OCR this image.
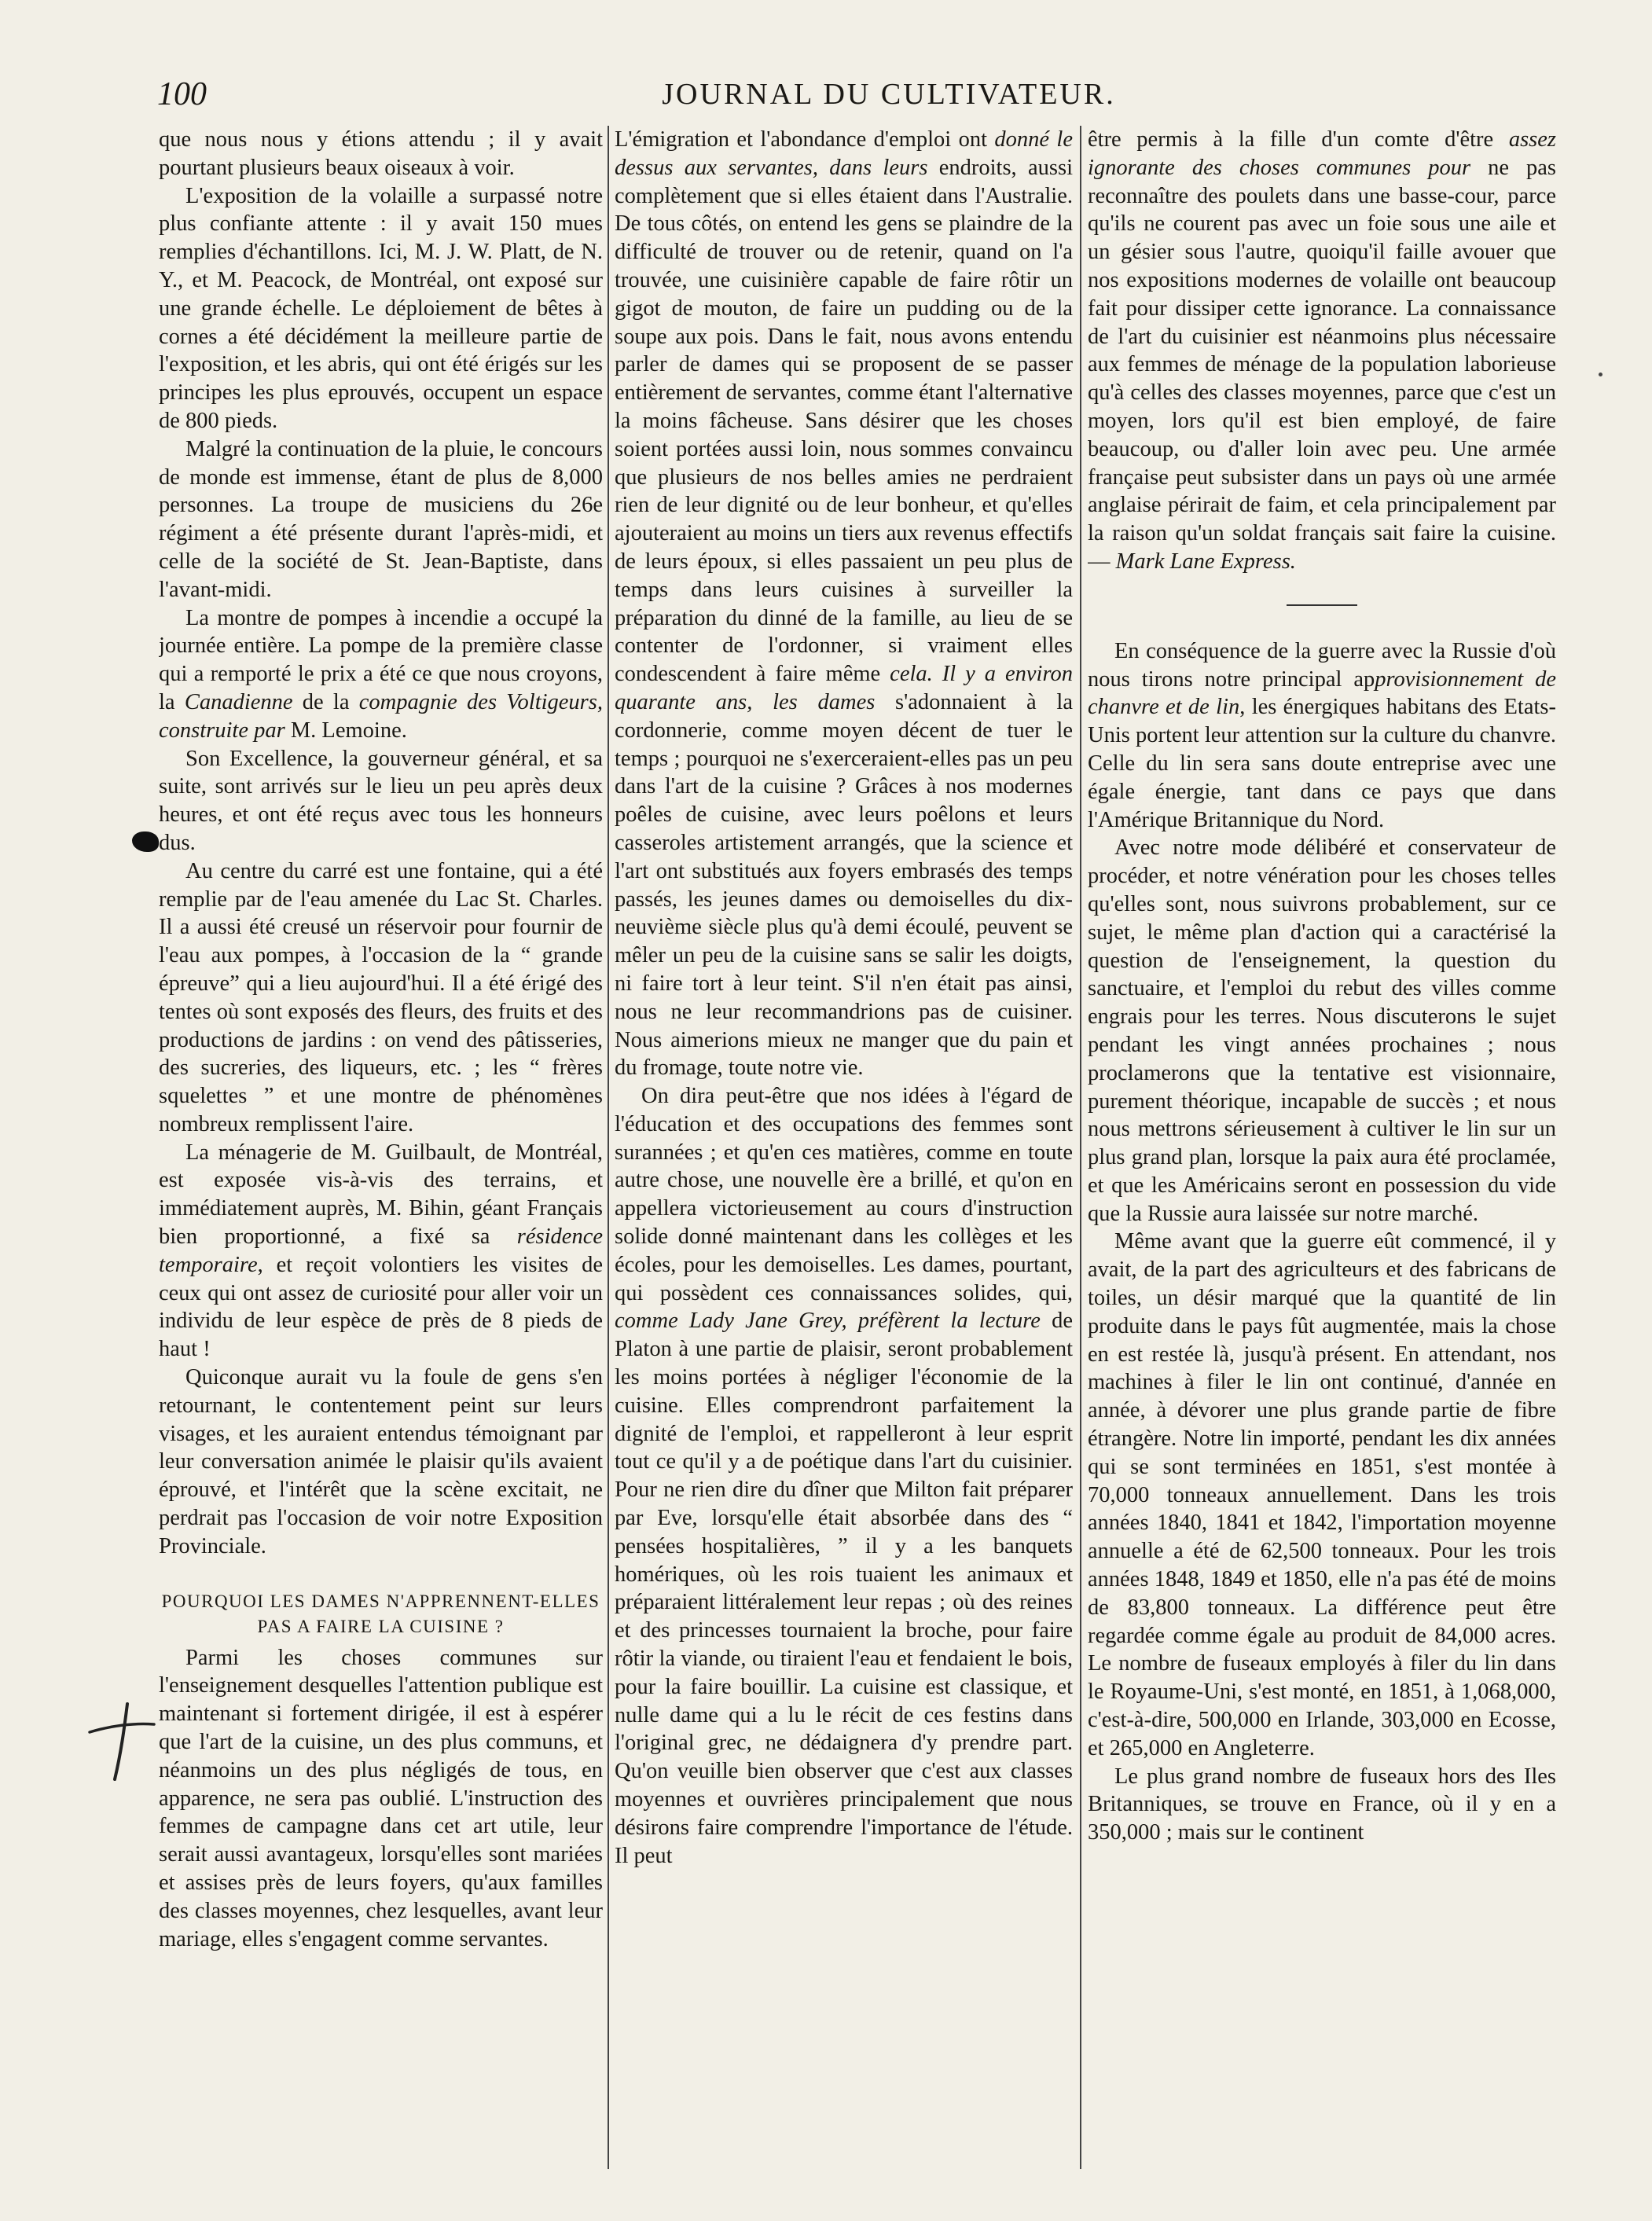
100	JOURNAL DU CULTIVATEUR.

que nous nous y étions attendu ; il y avait pourtant plusieurs beaux oiseaux à voir.

L'exposition de la volaille a surpassé notre plus confiante attente : il y avait 150 mues remplies d'échantillons. Ici, M. J. W. Platt, de N. Y., et M. Peacock, de Montréal, ont exposé sur une grande échelle. Le déploiement de bêtes à cornes a été décidément la meilleure partie de l'exposition, et les abris, qui ont été érigés sur les principes les plus eprouvés, occupent un espace de 800 pieds.

Malgré la continuation de la pluie, le concours de monde est immense, étant de plus de 8,000 personnes. La troupe de musiciens du 26e régiment a été présente durant l'après-midi, et celle de la société de St. Jean-Baptiste, dans l'avant-midi.

La montre de pompes à incendie a occupé la journée entière. La pompe de la première classe qui a remporté le prix a été ce que nous croyons, la Canadienne de la compagnie des Voltigeurs, construite par M. Lemoine.

Son Excellence, la gouverneur général, et sa suite, sont arrivés sur le lieu un peu après deux heures, et ont été reçus avec tous les honneurs dus.

Au centre du carré est une fontaine, qui a été remplie par de l'eau amenée du Lac St. Charles. Il a aussi été creusé un réservoir pour fournir de l'eau aux pompes, à l'occasion de la “ grande épreuve” qui a lieu aujourd'hui. Il a été érigé des tentes où sont exposés des fleurs, des fruits et des productions de jardins : on vend des pâtisseries, des sucreries, des liqueurs, etc. ; les “ frères squelettes ” et une montre de phénomènes nombreux remplissent l'aire.

La ménagerie de M. Guilbault, de Montréal, est exposée vis-à-vis des terrains, et immédiatement auprès, M. Bihin, géant Français bien proportionné, a fixé sa résidence temporaire, et reçoit volontiers les visites de ceux qui ont assez de curiosité pour aller voir un individu de leur espèce de près de 8 pieds de haut !

Quiconque aurait vu la foule de gens s'en retournant, le contentement peint sur leurs visages, et les auraient entendus témoignant par leur conversation animée le plaisir qu'ils avaient éprouvé, et l'intérêt que la scène excitait, ne perdrait pas l'occasion de voir notre Exposition Provinciale.

POURQUOI LES DAMES N'APPRENNENT-ELLES PAS A FAIRE LA CUISINE ?

Parmi les choses communes sur l'enseignement desquelles l'attention publique est maintenant si fortement dirigée, il est à espérer que l'art de la cuisine, un des plus communs, et néanmoins un des plus négligés de tous, en apparence, ne sera pas oublié. L'instruction des femmes de campagne dans cet art utile, leur serait aussi avantageux, lorsqu'elles sont mariées et assises près de leurs foyers, qu'aux familles des classes moyennes, chez lesquelles, avant leur mariage, elles s'engagent comme servantes.

L'émigration et l'abondance d'emploi ont donné le dessus aux servantes, dans leurs endroits, aussi complètement que si elles étaient dans l'Australie. De tous côtés, on entend les gens se plaindre de la difficulté de trouver ou de retenir, quand on l'a trouvée, une cuisinière capable de faire rôtir un gigot de mouton, de faire un pudding ou de la soupe aux pois. Dans le fait, nous avons entendu parler de dames qui se proposent de se passer entièrement de servantes, comme étant l'alternative la moins fâcheuse. Sans désirer que les choses soient portées aussi loin, nous sommes convaincu que plusieurs de nos belles amies ne perdraient rien de leur dignité ou de leur bonheur, et qu'elles ajouteraient au moins un tiers aux revenus effectifs de leurs époux, si elles passaient un peu plus de temps dans leurs cuisines à surveiller la préparation du dinné de la famille, au lieu de se contenter de l'ordonner, si vraiment elles condescendent à faire même cela. Il y a environ quarante ans, les dames s'adonnaient à la cordonnerie, comme moyen décent de tuer le temps ; pourquoi ne s'exerceraient-elles pas un peu dans l'art de la cuisine ? Grâces à nos modernes poêles de cuisine, avec leurs poêlons et leurs casseroles artistement arrangés, que la science et l'art ont substitués aux foyers embrasés des temps passés, les jeunes dames ou demoiselles du dix-neuvième siècle plus qu'à demi écoulé, peuvent se mêler un peu de la cuisine sans se salir les doigts, ni faire tort à leur teint. S'il n'en était pas ainsi, nous ne leur recommandrions pas de cuisiner. Nous aimerions mieux ne manger que du pain et du fromage, toute notre vie.

On dira peut-être que nos idées à l'égard de l'éducation et des occupations des femmes sont surannées ; et qu'en ces matières, comme en toute autre chose, une nouvelle ère a brillé, et qu'on en appellera victorieusement au cours d'instruction solide donné maintenant dans les collèges et les écoles, pour les demoiselles. Les dames, pourtant, qui possèdent ces connaissances solides, qui, comme Lady Jane Grey, préfèrent la lecture de Platon à une partie de plaisir, seront probablement les moins portées à négliger l'économie de la cuisine. Elles comprendront parfaitement la dignité de l'emploi, et rappelleront à leur esprit tout ce qu'il y a de poétique dans l'art du cuisinier. Pour ne rien dire du dîner que Milton fait préparer par Eve, lorsqu'elle était absorbée dans des “ pensées hospitalières, ” il y a les banquets homériques, où les rois tuaient les animaux et préparaient littéralement leur repas ; où des reines et des princesses tournaient la broche, pour faire rôtir la viande, ou tiraient l'eau et fendaient le bois, pour la faire bouillir. La cuisine est classique, et nulle dame qui a lu le récit de ces festins dans l'original grec, ne dédaignera d'y prendre part. Qu'on veuille bien observer que c'est aux classes moyennes et ouvrières principalement que nous désirons faire comprendre l'importance de l'étude. Il peut

être permis à la fille d'un comte d'être assez ignorante des choses communes pour ne pas reconnaître des poulets dans une basse-cour, parce qu'ils ne courent pas avec un foie sous une aile et un gésier sous l'autre, quoiqu'il faille avouer que nos expositions modernes de volaille ont beaucoup fait pour dissiper cette ignorance. La connaissance de l'art du cuisinier est néanmoins plus nécessaire aux femmes de ménage de la population laborieuse qu'à celles des classes moyennes, parce que c'est un moyen, lors qu'il est bien employé, de faire beaucoup, ou d'aller loin avec peu. Une armée française peut subsister dans un pays où une armée anglaise périrait de faim, et cela principalement par la raison qu'un soldat français sait faire la cuisine.— Mark Lane Express.

En conséquence de la guerre avec la Russie d'où nous tirons notre principal approvisionnement de chanvre et de lin, les énergiques habitans des Etats-Unis portent leur attention sur la culture du chanvre. Celle du lin sera sans doute entreprise avec une égale énergie, tant dans ce pays que dans l'Amérique Britannique du Nord.

Avec notre mode délibéré et conservateur de procéder, et notre vénération pour les choses telles qu'elles sont, nous suivrons probablement, sur ce sujet, le même plan d'action qui a caractérisé la question de l'enseignement, la question du sanctuaire, et l'emploi du rebut des villes comme engrais pour les terres. Nous discuterons le sujet pendant les vingt années prochaines ; nous proclamerons que la tentative est visionnaire, purement théorique, incapable de succès ; et nous nous mettrons sérieusement à cultiver le lin sur un plus grand plan, lorsque la paix aura été proclamée, et que les Américains seront en possession du vide que la Russie aura laissée sur notre marché.

Même avant que la guerre eût commencé, il y avait, de la part des agriculteurs et des fabricans de toiles, un désir marqué que la quantité de lin produite dans le pays fût augmentée, mais la chose en est restée là, jusqu'à présent. En attendant, nos machines à filer le lin ont continué, d'année en année, à dévorer une plus grande partie de fibre étrangère. Notre lin importé, pendant les dix années qui se sont terminées en 1851, s'est montée à 70,000 tonneaux annuellement. Dans les trois années 1840, 1841 et 1842, l'importation moyenne annuelle a été de 62,500 tonneaux. Pour les trois années 1848, 1849 et 1850, elle n'a pas été de moins de 83,800 tonneaux. La différence peut être regardée comme égale au produit de 84,000 acres. Le nombre de fuseaux employés à filer du lin dans le Royaume-Uni, s'est monté, en 1851, à 1,068,000, c'est-à-dire, 500,000 en Irlande, 303,000 en Ecosse, et 265,000 en Angleterre.

Le plus grand nombre de fuseaux hors des Iles Britanniques, se trouve en France, où il y en a 350,000 ; mais sur le continent
